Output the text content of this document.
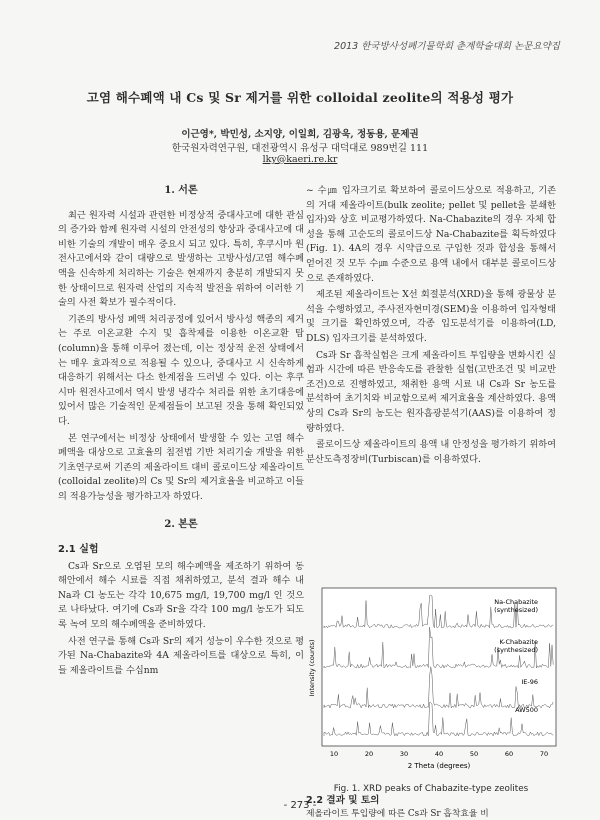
2013 한국방사성폐기물학회 춘계학술대회 논문요약집
고염 해수폐액 내 Cs 및 Sr 제거를 위한 colloidal zeolite의 적용성 평가
이근영*, 박민성, 소지양, 이일희, 김광욱, 정동용, 문제권
한국원자력연구원, 대전광역시 유성구 대덕대로 989번길 111
lky@kaeri.re.kr
1. 서론

최근 원자력 시설과 관련한 비정상적 중대사고에 대한 관심의 증가와 함께 원자력 시설의 안전성의 향상과 중대사고에 대비한 기술의 개발이 매우 중요시 되고 있다. 특히, 후쿠시마 원전사고에서와 같이 대량으로 발생하는 고방사성/고염 해수폐액을 신속하게 처리하는 기술은 현재까지 충분히 개발되지 못한 상태이므로 원자력 산업의 지속적 발전을 위하여 이러한 기술의 사전 확보가 필수적이다.

기존의 방사성 폐액 처리공정에 있어서 방사성 핵종의 제거는 주로 이온교환 수지 및 흡착제를 이용한 이온교환 탑(column)을 통해 이루어 졌는데, 이는 정상적 운전 상태에서는 매우 효과적으로 적용될 수 있으나, 중대사고 시 신속하게 대응하기 위해서는 다소 한계점을 드러낼 수 있다. 이는 후쿠시마 원전사고에서 역시 발생 냉각수 처리를 위한 초기대응에 있어서 많은 기술적인 문제점들이 보고된 것을 통해 확인되었다.

본 연구에서는 비정상 상태에서 발생할 수 있는 고염 해수폐액을 대상으로 고효율의 침전법 기반 처리기술 개발을 위한 기초연구로써 기존의 제올라이트 대비 콜로이드상 제올라이트(colloidal zeolite)의 Cs 및 Sr의 제거효율을 비교하고 이들의 적용가능성을 평가하고자 하였다.

2. 본론
2.1 실험

Cs과 Sr으로 오염된 모의 해수폐액을 제조하기 위하여 동해안에서 해수 시료를 직접 채취하였고, 분석 결과 해수 내 Na과 Cl 농도는 각각 10,675 mg/l, 19,700 mg/l 인 것으로 나타났다. 여기에 Cs과 Sr을 각각 100 mg/l 농도가 되도록 녹여 모의 해수폐액을 준비하였다.

사전 연구를 통해 Cs과 Sr의 제거 성능이 우수한 것으로 평가된 Na-Chabazite와 4A 제올라이트를 대상으로 특히, 이들 제올라이트를 수십nm

~ 수㎛ 입자크기로 확보하여 콜로이드상으로 적용하고, 기존의 거대 제올라이트(bulk zeolite; pellet 및 pellet을 분쇄한 입자)와 상호 비교평가하였다. Na-Chabazite의 경우 자체 합성을 통해 고순도의 콜로이드상 Na-Chabazite를 획득하였다(Fig. 1). 4A의 경우 시약급으로 구입한 것과 합성을 통해서 얻어진 것 모두 수㎛ 수준으로 용액 내에서 대부분 콜로이드상으로 존재하였다.

제조된 제올라이트는 X선 회절분석(XRD)을 통해 광물상 분석을 수행하였고, 주사전자현미경(SEM)을 이용하여 입자형태 및 크기를 확인하였으며, 각종 입도분석기를 이용하여(LD, DLS) 입자크기를 분석하였다.

Cs과 Sr 흡착실험은 크게 제올라이트 투입량을 변화시킨 실험과 시간에 따른 반응속도를 관찰한 실험(고반조건 및 비교반조건)으로 진행하였고, 채취한 용액 시료 내 Cs과 Sr 농도를 분석하여 초기치와 비교함으로써 제거효율을 계산하였다. 용액상의 Cs과 Sr의 농도는 원자흡광분석기(AAS)를 이용하여 정량하였다.

콜로이드상 제올라이트의 용액 내 안정성을 평가하기 위하여 분산도측정장비(Turbiscan)를 이용하였다.

Intensity (counts)
Na-Chabazite
(synthesized)
K-Chabazite
(synthesized)
IE-96
AW500
10	20	30	40	50	60	70
2 Theta (degrees)
Fig. 1. XRD peaks of Chabazite-type zeolites
- 273 -
2.2 결과 및 토의
제올라이트 투입량에 따른 Cs과 Sr 흡착효율 비
